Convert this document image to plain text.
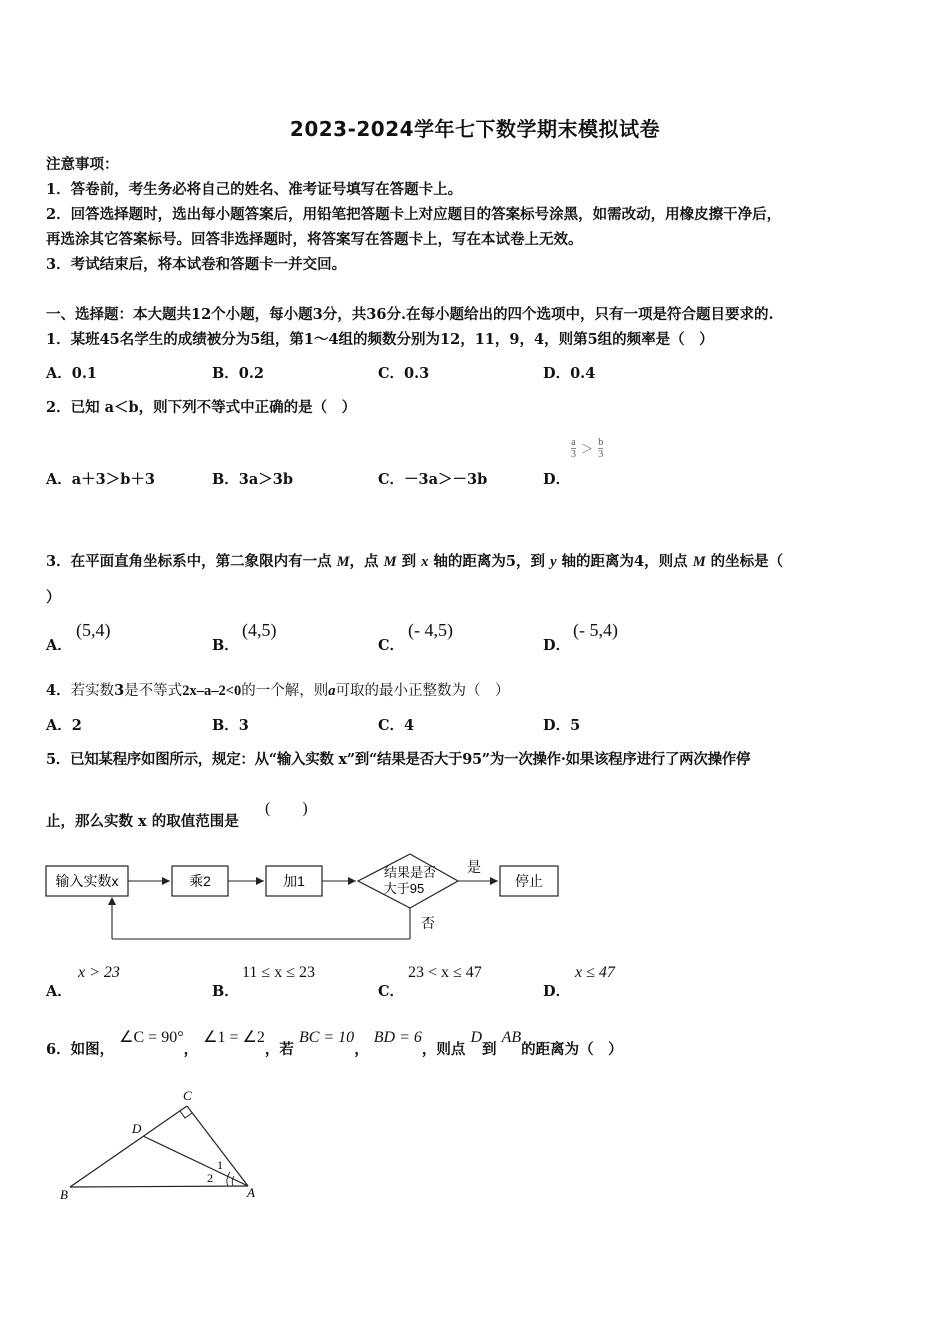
2023-2024学年七下数学期末模拟试卷
注意事项：
1．答卷前，考生务必将自己的姓名、准考证号填写在答题卡上。
2．回答选择题时，选出每小题答案后，用铅笔把答题卡上对应题目的答案标号涂黑，如需改动，用橡皮擦干净后，
再选涂其它答案标号。回答非选择题时，将答案写在答题卡上，写在本试卷上无效。
3．考试结束后，将本试卷和答题卡一并交回。
一、选择题：本大题共12个小题，每小题3分，共36分.在每小题给出的四个选项中，只有一项是符合题目要求的.
1．某班45名学生的成绩被分为5组，第1～4组的频数分别为12，11，9，4，则第5组的频率是（　）
A．0.1	B．0.2	C．0.3	D．0.4
2．已知 a＜b，则下列不等式中正确的是（　）
A．a＋3＞b＋3	B．3a＞3b	C．－3a＞－3b	D．
$\frac{a}{3} > \frac{b}{3}$
3．在平面直角坐标系中，第二象限内有一点 M，点 M 到 x 轴的距离为5，到 y 轴的距离为4，则点 M 的坐标是（
）
A．
(5,4)
B．
(4,5)
C．
(- 4,5)
D．
(- 5,4)
4．若实数3是不等式2x–a–2<0的一个解，则a可取的最小正整数为（　）
A．2	B．3	C．4	D．5
5．已知某程序如图所示，规定：从“输入实数 x”到“结果是否大于95”为一次操作·如果该程序进行了两次操作停
止，那么实数 x 的取值范围是
(　　)
输入实数x	乘2	加1
结果是否
大于95
是
停止
否
A．
x > 23
B．
11 ≤ x ≤ 23
C．
23 < x ≤ 47
D．
x ≤ 47
6．如图， ∠C = 90°， ∠1 = ∠2，若 BC = 10， BD = 6，则点 D到 AB的距离为（　）
C
D
B	A
1
2
